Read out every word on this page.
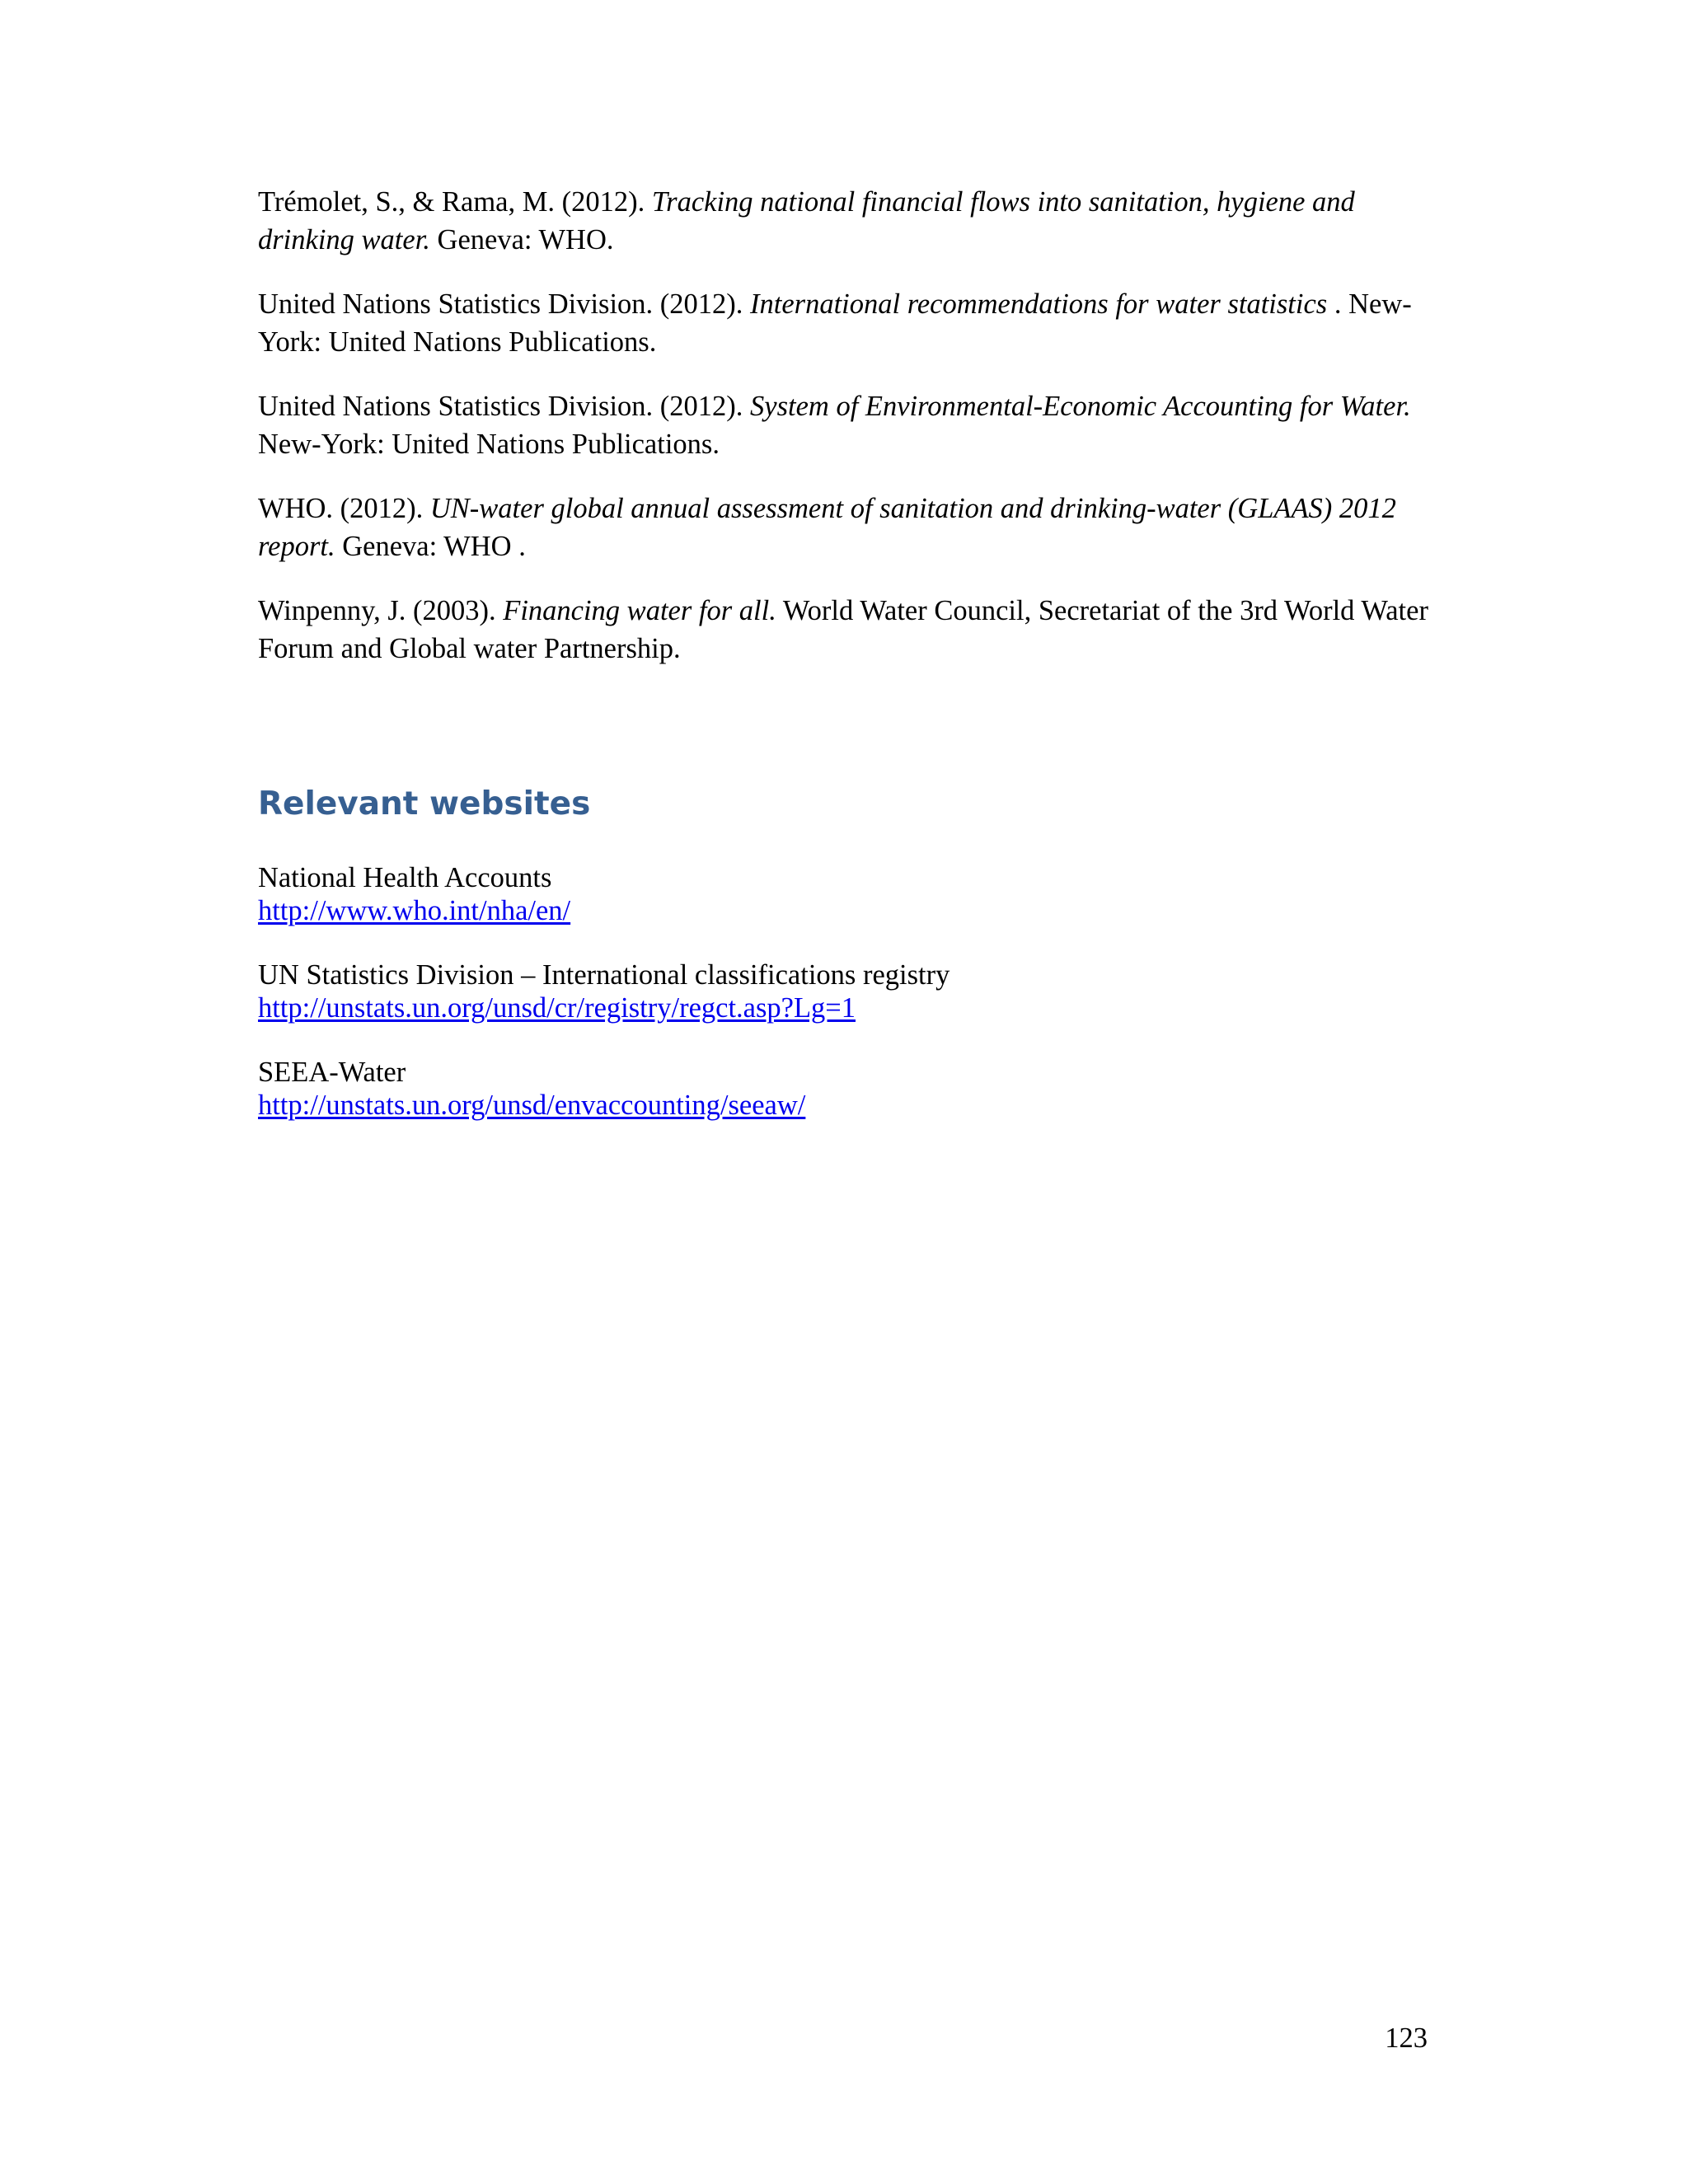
Trémolet, S., & Rama, M. (2012). Tracking national financial flows into sanitation, hygiene and drinking water. Geneva: WHO.

United Nations Statistics Division. (2012). International recommendations for water statistics . New-York: United Nations Publications.

United Nations Statistics Division. (2012). System of Environmental-Economic Accounting for Water. New-York: United Nations Publications.

WHO. (2012). UN-water global annual assessment of sanitation and drinking-water (GLAAS) 2012 report. Geneva: WHO .

Winpenny, J. (2003). Financing water for all. World Water Council, Secretariat of the 3rd World Water Forum and Global water Partnership.

Relevant websites
National Health Accounts
http://www.who.int/nha/en/
UN Statistics Division – International classifications registry
http://unstats.un.org/unsd/cr/registry/regct.asp?Lg=1
SEEA-Water
http://unstats.un.org/unsd/envaccounting/seeaw/
123
